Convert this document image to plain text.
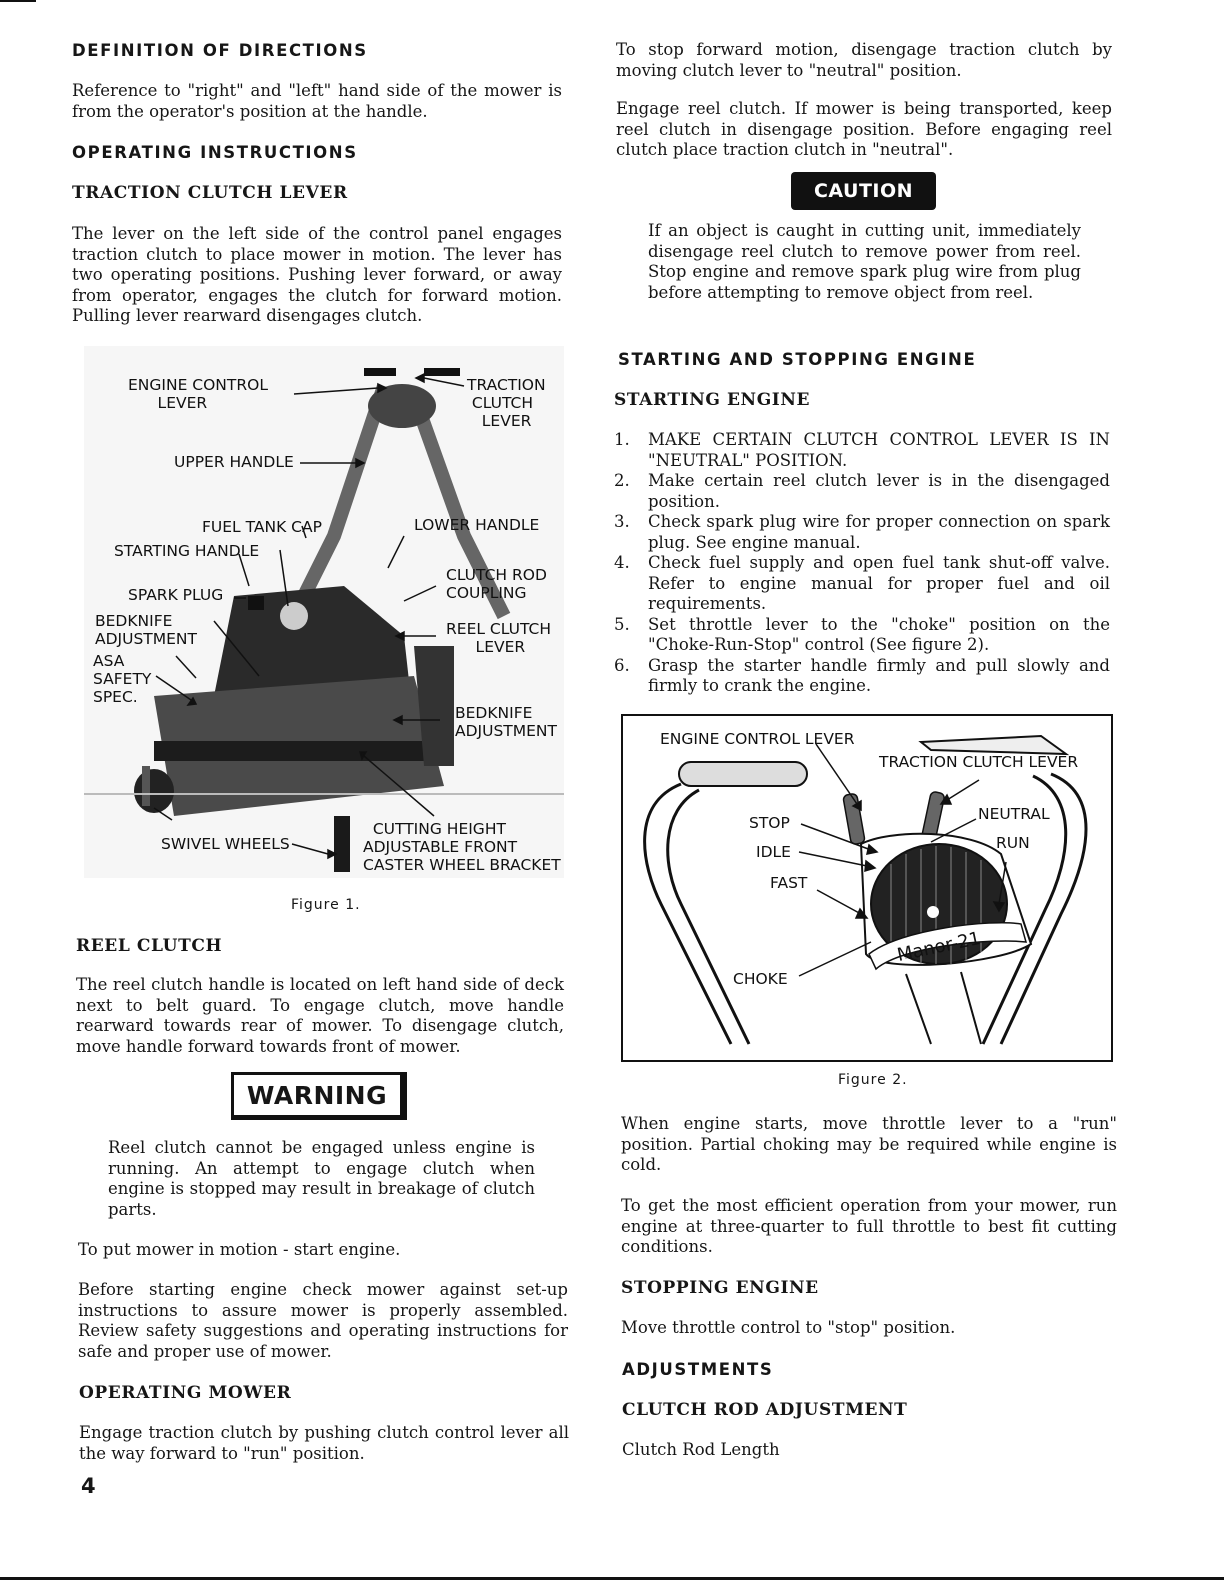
DEFINITION OF DIRECTIONS

Reference to "right" and "left" hand side of the mower is from the operator's position at the handle.

OPERATING INSTRUCTIONS
TRACTION CLUTCH LEVER

The lever on the left side of the control panel engages traction clutch to place mower in motion. The lever has two operating positions. Pushing lever forward, or away from operator, engages the clutch for forward motion. Pulling lever rearward disengages clutch.

ENGINE CONTROL
LEVER
TRACTION
CLUTCH
LEVER
UPPER HANDLE
FUEL TANK CAP	LOWER HANDLE
STARTING HANDLE
CLUTCH ROD
COUPLING
SPARK PLUG
BEDKNIFE
ADJUSTMENT
REEL CLUTCH
LEVER
ASA
SAFETY
SPEC.
BEDKNIFE
ADJUSTMENT
CUTTING HEIGHT
ADJUSTABLE FRONT
CASTER WHEEL BRACKET
SWIVEL WHEELS
Figure 1.
REEL CLUTCH

The reel clutch handle is located on left hand side of deck next to belt guard. To engage clutch, move handle rearward towards rear of mower. To disengage clutch, move handle forward towards front of mower.

WARNING

Reel clutch cannot be engaged unless engine is running. An attempt to engage clutch when engine is stopped may result in breakage of clutch parts.

To put mower in motion - start engine.

Before starting engine check mower against set-up instructions to assure mower is properly assembled. Review safety suggestions and operating instructions for safe and proper use of mower.

OPERATING MOWER

Engage traction clutch by pushing clutch control lever all the way forward to "run" position.

4

To stop forward motion, disengage traction clutch by moving clutch lever to "neutral" position.

Engage reel clutch. If mower is being transported, keep reel clutch in disengage position. Before engaging reel clutch place traction clutch in "neutral".

CAUTION

If an object is caught in cutting unit, immediately disengage reel clutch to remove power from reel. Stop engine and remove spark plug wire from plug before attempting to remove object from reel.

STARTING AND STOPPING ENGINE
STARTING ENGINE
1. MAKE CERTAIN CLUTCH CONTROL LEVER IS IN "NEUTRAL" POSITION.
2. Make certain reel clutch lever is in the disengaged position.
3. Check spark plug wire for proper connection on spark plug. See engine manual.
4. Check fuel supply and open fuel tank shut-off valve. Refer to engine manual for proper fuel and oil requirements.
5. Set throttle lever to the "choke" position on the "Choke-Run-Stop" control (See figure 2).
6. Grasp the starter handle firmly and pull slowly and firmly to crank the engine.
Manor-21
ENGINE CONTROL LEVER
TRACTION CLUTCH LEVER
STOP	NEUTRAL
IDLE	RUN
FAST
CHOKE
Figure 2.

When engine starts, move throttle lever to a "run" position. Partial choking may be required while engine is cold.

To get the most efficient operation from your mower, run engine at three-quarter to full throttle to best fit cutting conditions.

STOPPING ENGINE

Move throttle control to "stop" position.

ADJUSTMENTS
CLUTCH ROD ADJUSTMENT

Clutch Rod Length
